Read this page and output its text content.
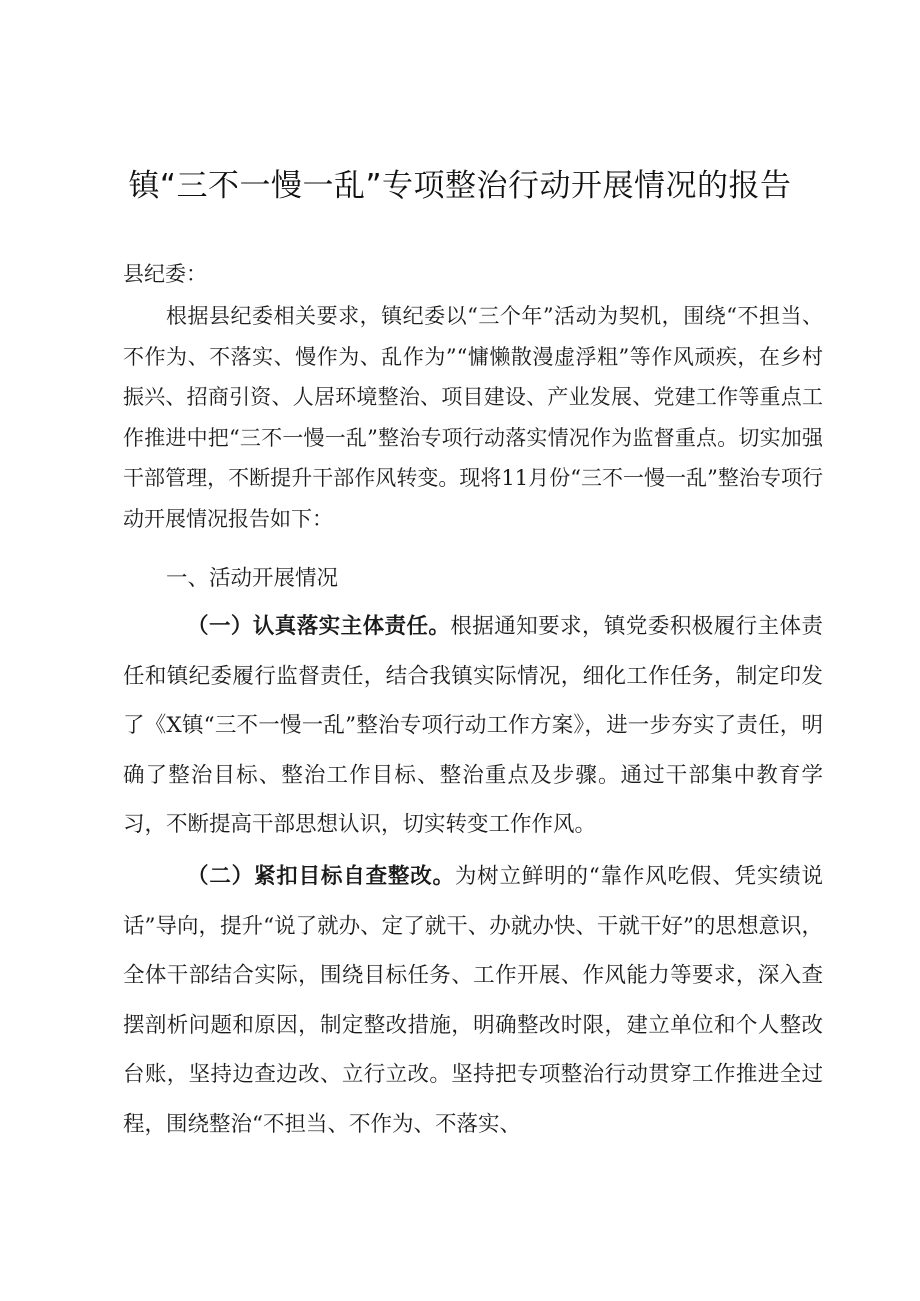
镇“三不一慢一乱”专项整治行动开展情况的报告

县纪委：

根据县纪委相关要求，镇纪委以“三个年”活动为契机，围绕“不担当、不作为、不落实、慢作为、乱作为”“慵懒散漫虚浮粗”等作风顽疾，在乡村振兴、招商引资、人居环境整治、项目建设、产业发展、党建工作等重点工作推进中把“三不一慢一乱”整治专项行动落实情况作为监督重点。切实加强干部管理，不断提升干部作风转变。现将11月份“三不一慢一乱”整治专项行动开展情况报告如下：

一、活动开展情况

（一）认真落实主体责任。根据通知要求，镇党委积极履行主体责任和镇纪委履行监督责任，结合我镇实际情况，细化工作任务，制定印发了《X镇“三不一慢一乱”整治专项行动工作方案》，进一步夯实了责任，明确了整治目标、整治工作目标、整治重点及步骤。通过干部集中教育学习，不断提高干部思想认识，切实转变工作作风。

（二）紧扣目标自查整改。为树立鲜明的“靠作风吃假、凭实绩说话”导向，提升“说了就办、定了就干、办就办快、干就干好”的思想意识，全体干部结合实际，围绕目标任务、工作开展、作风能力等要求，深入查摆剖析问题和原因，制定整改措施，明确整改时限，建立单位和个人整改台账，坚持边查边改、立行立改。坚持把专项整治行动贯穿工作推进全过程，围绕整治“不担当、不作为、不落实、
